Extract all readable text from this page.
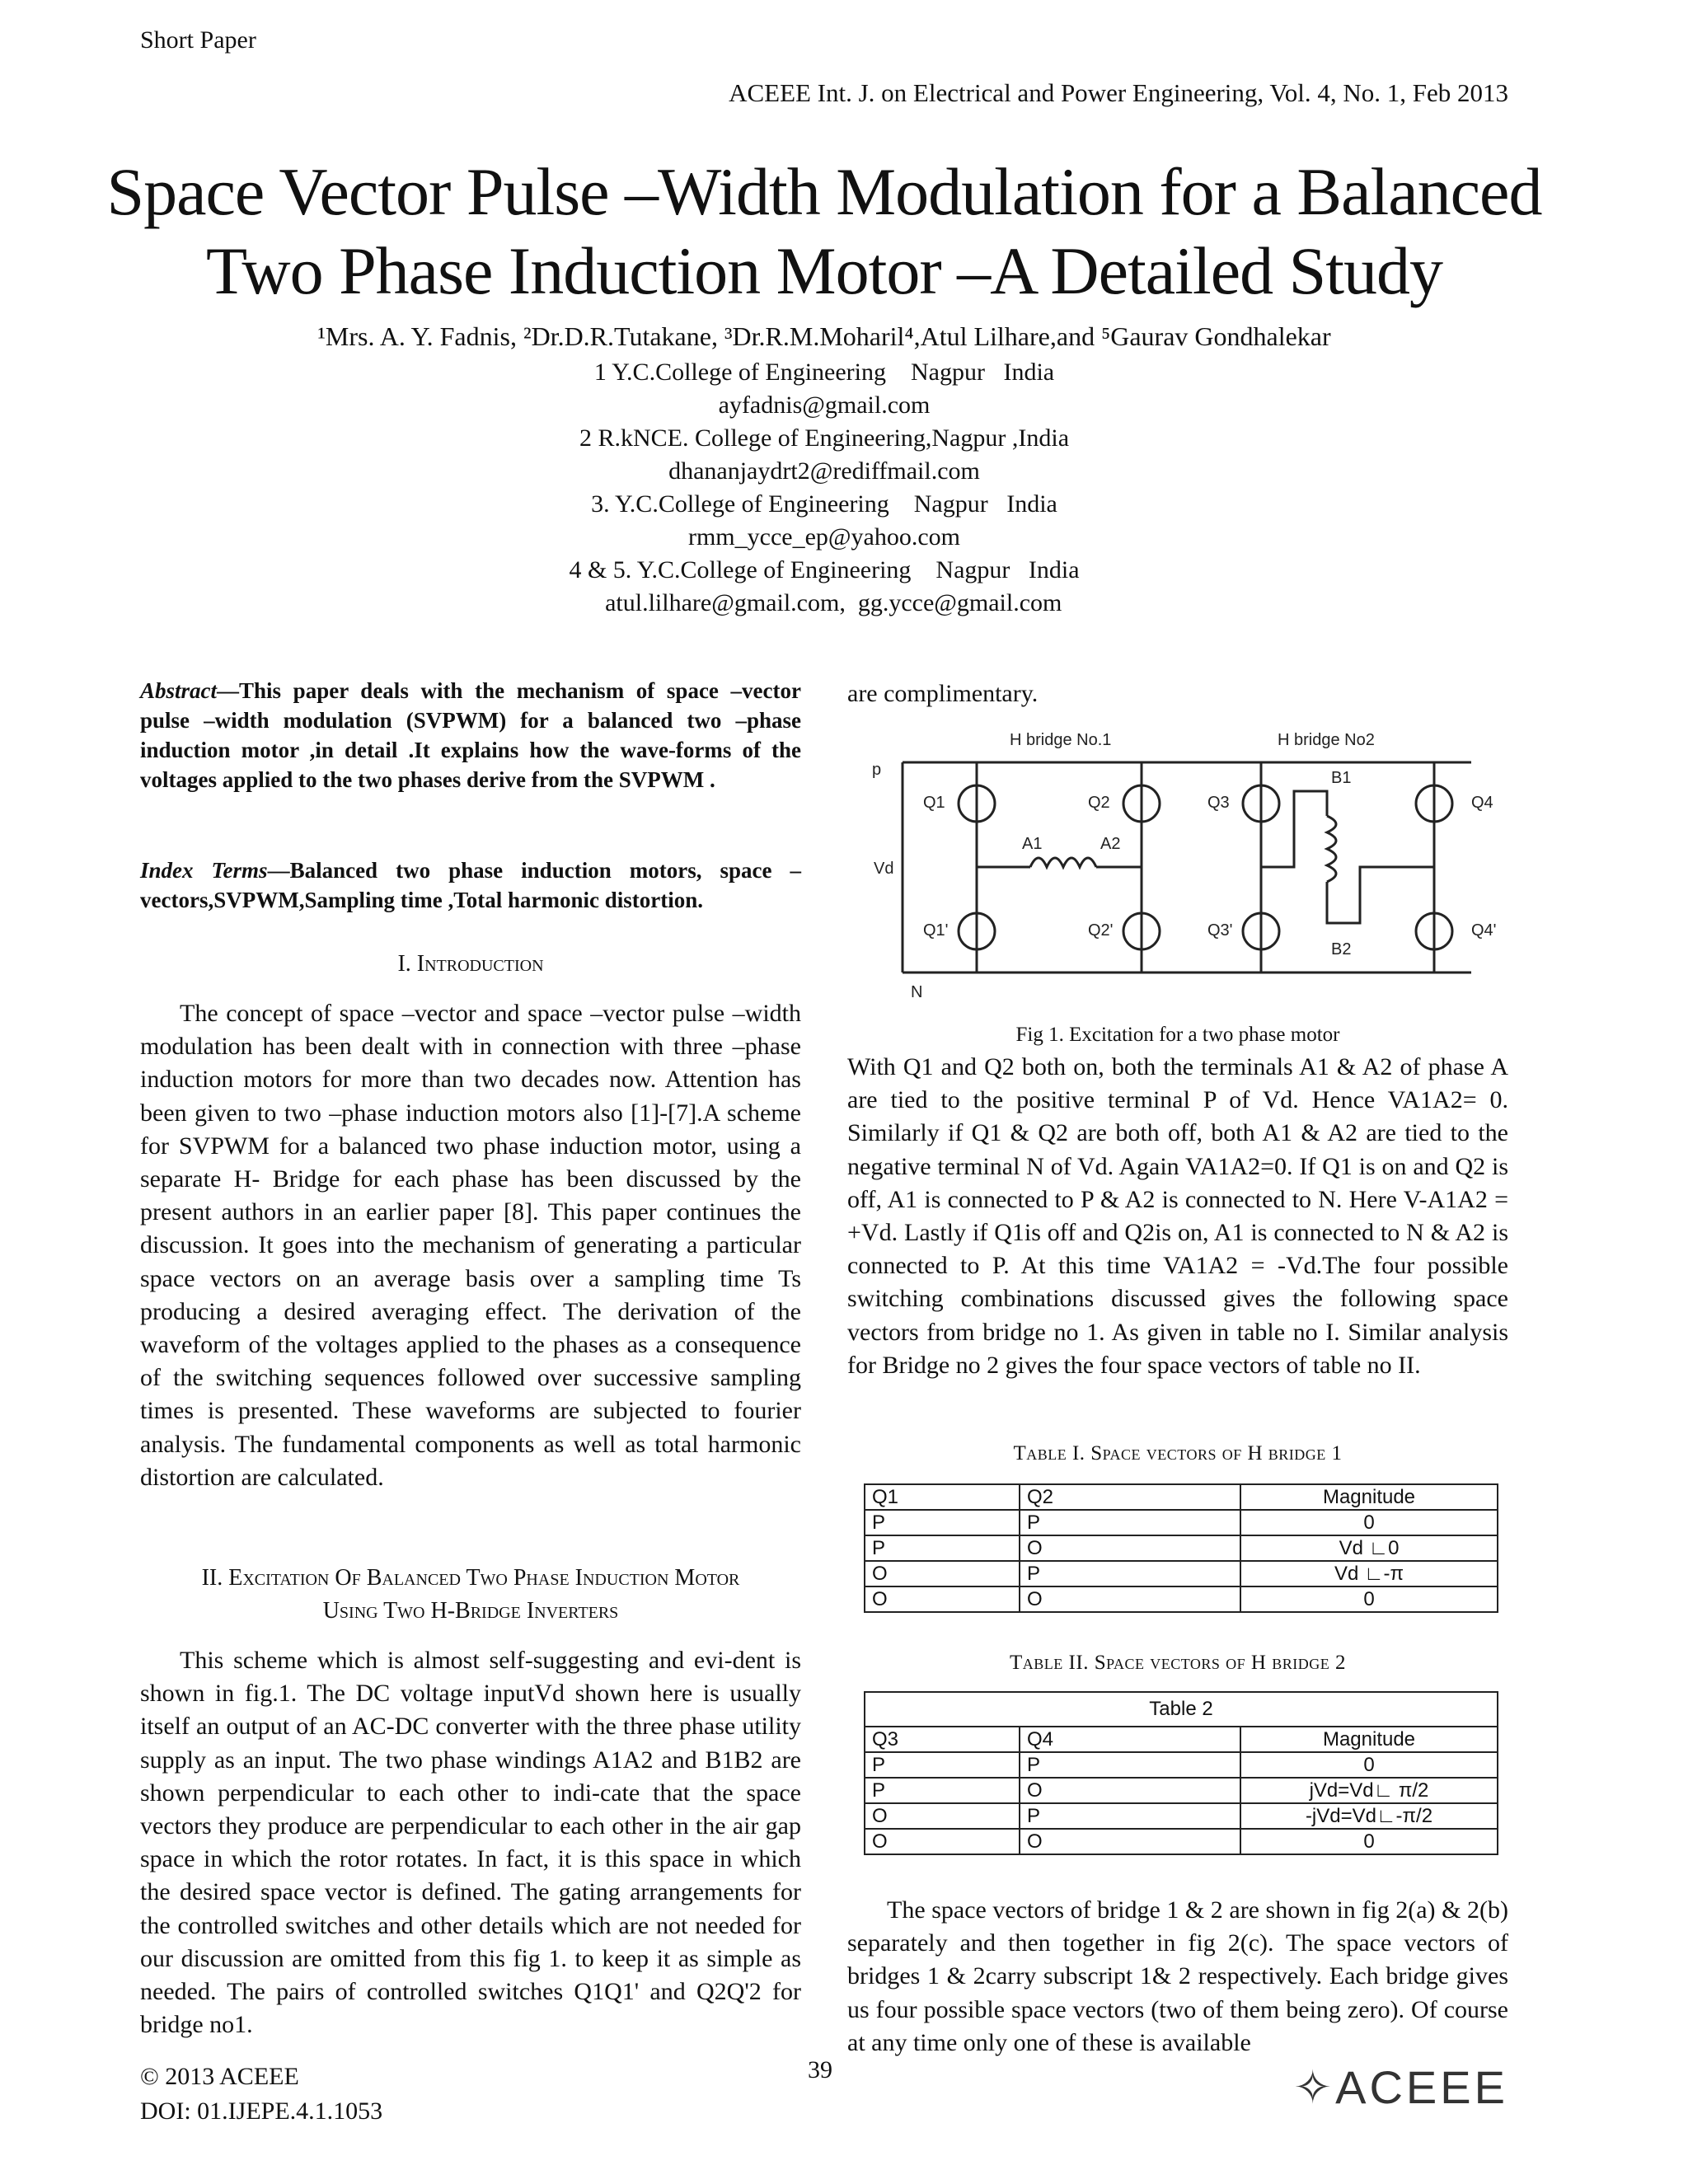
Short Paper
ACEEE Int. J. on Electrical and Power Engineering, Vol. 4, No. 1, Feb 2013
Space Vector Pulse –Width Modulation for a Balanced
Two Phase Induction Motor –A Detailed Study
¹Mrs. A. Y. Fadnis, ²Dr.D.R.Tutakane, ³Dr.R.M.Moharil⁴,Atul Lilhare,and ⁵Gaurav Gondhalekar
1 Y.C.College of Engineering    Nagpur   India
ayfadnis@gmail.com
2 R.kNCE. College of Engineering,Nagpur ,India
dhananjaydrt2@rediffmail.com
3. Y.C.College of Engineering    Nagpur   India
rmm_ycce_ep@yahoo.com
4 & 5. Y.C.College of Engineering    Nagpur   India
atul.lilhare@gmail.com,  gg.ycce@gmail.com
Abstract—This paper deals with the mechanism of space –vector pulse –width modulation (SVPWM) for a balanced two –phase induction motor ,in detail .It explains how the wave-forms of the voltages applied to the two phases derive from the SVPWM .
Index Terms—Balanced two phase induction motors, space –vectors,SVPWM,Sampling time ,Total harmonic distortion.
I. Introduction
The concept of space –vector and space –vector pulse –width modulation has been dealt with in connection with three –phase induction motors for more than two decades now. Attention has been given to two –phase induction motors also [1]-[7].A scheme for SVPWM for a balanced two phase induction motor, using a separate H- Bridge for each phase has been discussed by the present authors in an earlier paper [8]. This paper continues the discussion. It goes into the mechanism of generating a particular space vectors on an average basis over a sampling time Ts producing a desired averaging effect. The derivation of the waveform of the voltages applied to the phases as a consequence of the switching sequences followed over successive sampling times is presented. These waveforms are subjected to fourier analysis. The fundamental components as well as total harmonic distortion are calculated.
II. Excitation Of Balanced Two Phase Induction Motor
Using Two H-Bridge Inverters
This scheme which is almost self-suggesting and evi-dent is shown in fig.1. The DC voltage inputVd shown here is usually itself an output of an AC-DC converter with the three phase utility supply as an input. The two phase windings A1A2 and B1B2 are shown perpendicular to each other to indi-cate that the space vectors they produce are perpendicular to each other in the air gap space in which the rotor rotates. In fact, it is this space in which the desired space vector is defined. The gating arrangements for the controlled switches and other details which are not needed for our discussion are omitted from this fig 1. to keep it as simple as needed. The pairs of controlled switches Q1Q1' and Q2Q'2 for bridge no1.
are complimentary.
H bridge No.1	H bridge No2
p
N
Vd
Q1	Q2	Q3	Q4
Q1'	Q2'	Q3'	Q4'
A1	A2
B1
B2
Fig 1. Excitation for a two phase motor
With Q1 and Q2 both on, both the terminals A1 & A2 of phase A are tied to the positive terminal P of Vd. Hence VA1A2= 0. Similarly if Q1 & Q2 are both off, both A1 & A2 are tied to the negative terminal N of Vd. Again VA1A2=0. If Q1 is on and Q2 is off, A1 is connected to P & A2 is connected to N. Here V-A1A2 = +Vd. Lastly if Q1is off and Q2is on, A1 is connected to N & A2 is connected to P. At this time VA1A2 = -Vd.The four possible switching combinations discussed gives the following space vectors from bridge no 1. As given in table no I. Similar analysis for Bridge no 2 gives the four space vectors of table no II.
Table I. Space vectors of H bridge 1
Q1	Q2	Magnitude
P	P	0
P	O	Vd ∟0
O	P	Vd ∟-π
O	O	0
Table II. Space vectors of H bridge 2
Table 2		
Q3	Q4	Magnitude
P	P	0
P	O	jVd=Vd∟ π/2
O	P	-jVd=Vd∟-π/2
O	O	0
The space vectors of bridge 1 & 2 are shown in fig 2(a) & 2(b) separately and then together in fig 2(c). The space vectors of bridges 1 & 2carry subscript 1& 2 respectively. Each bridge gives us four possible space vectors (two of them being zero). Of course at any time only one of these is available
© 2013 ACEEE
DOI: 01.IJEPE.4.1.1053
39	✧ACEEE
